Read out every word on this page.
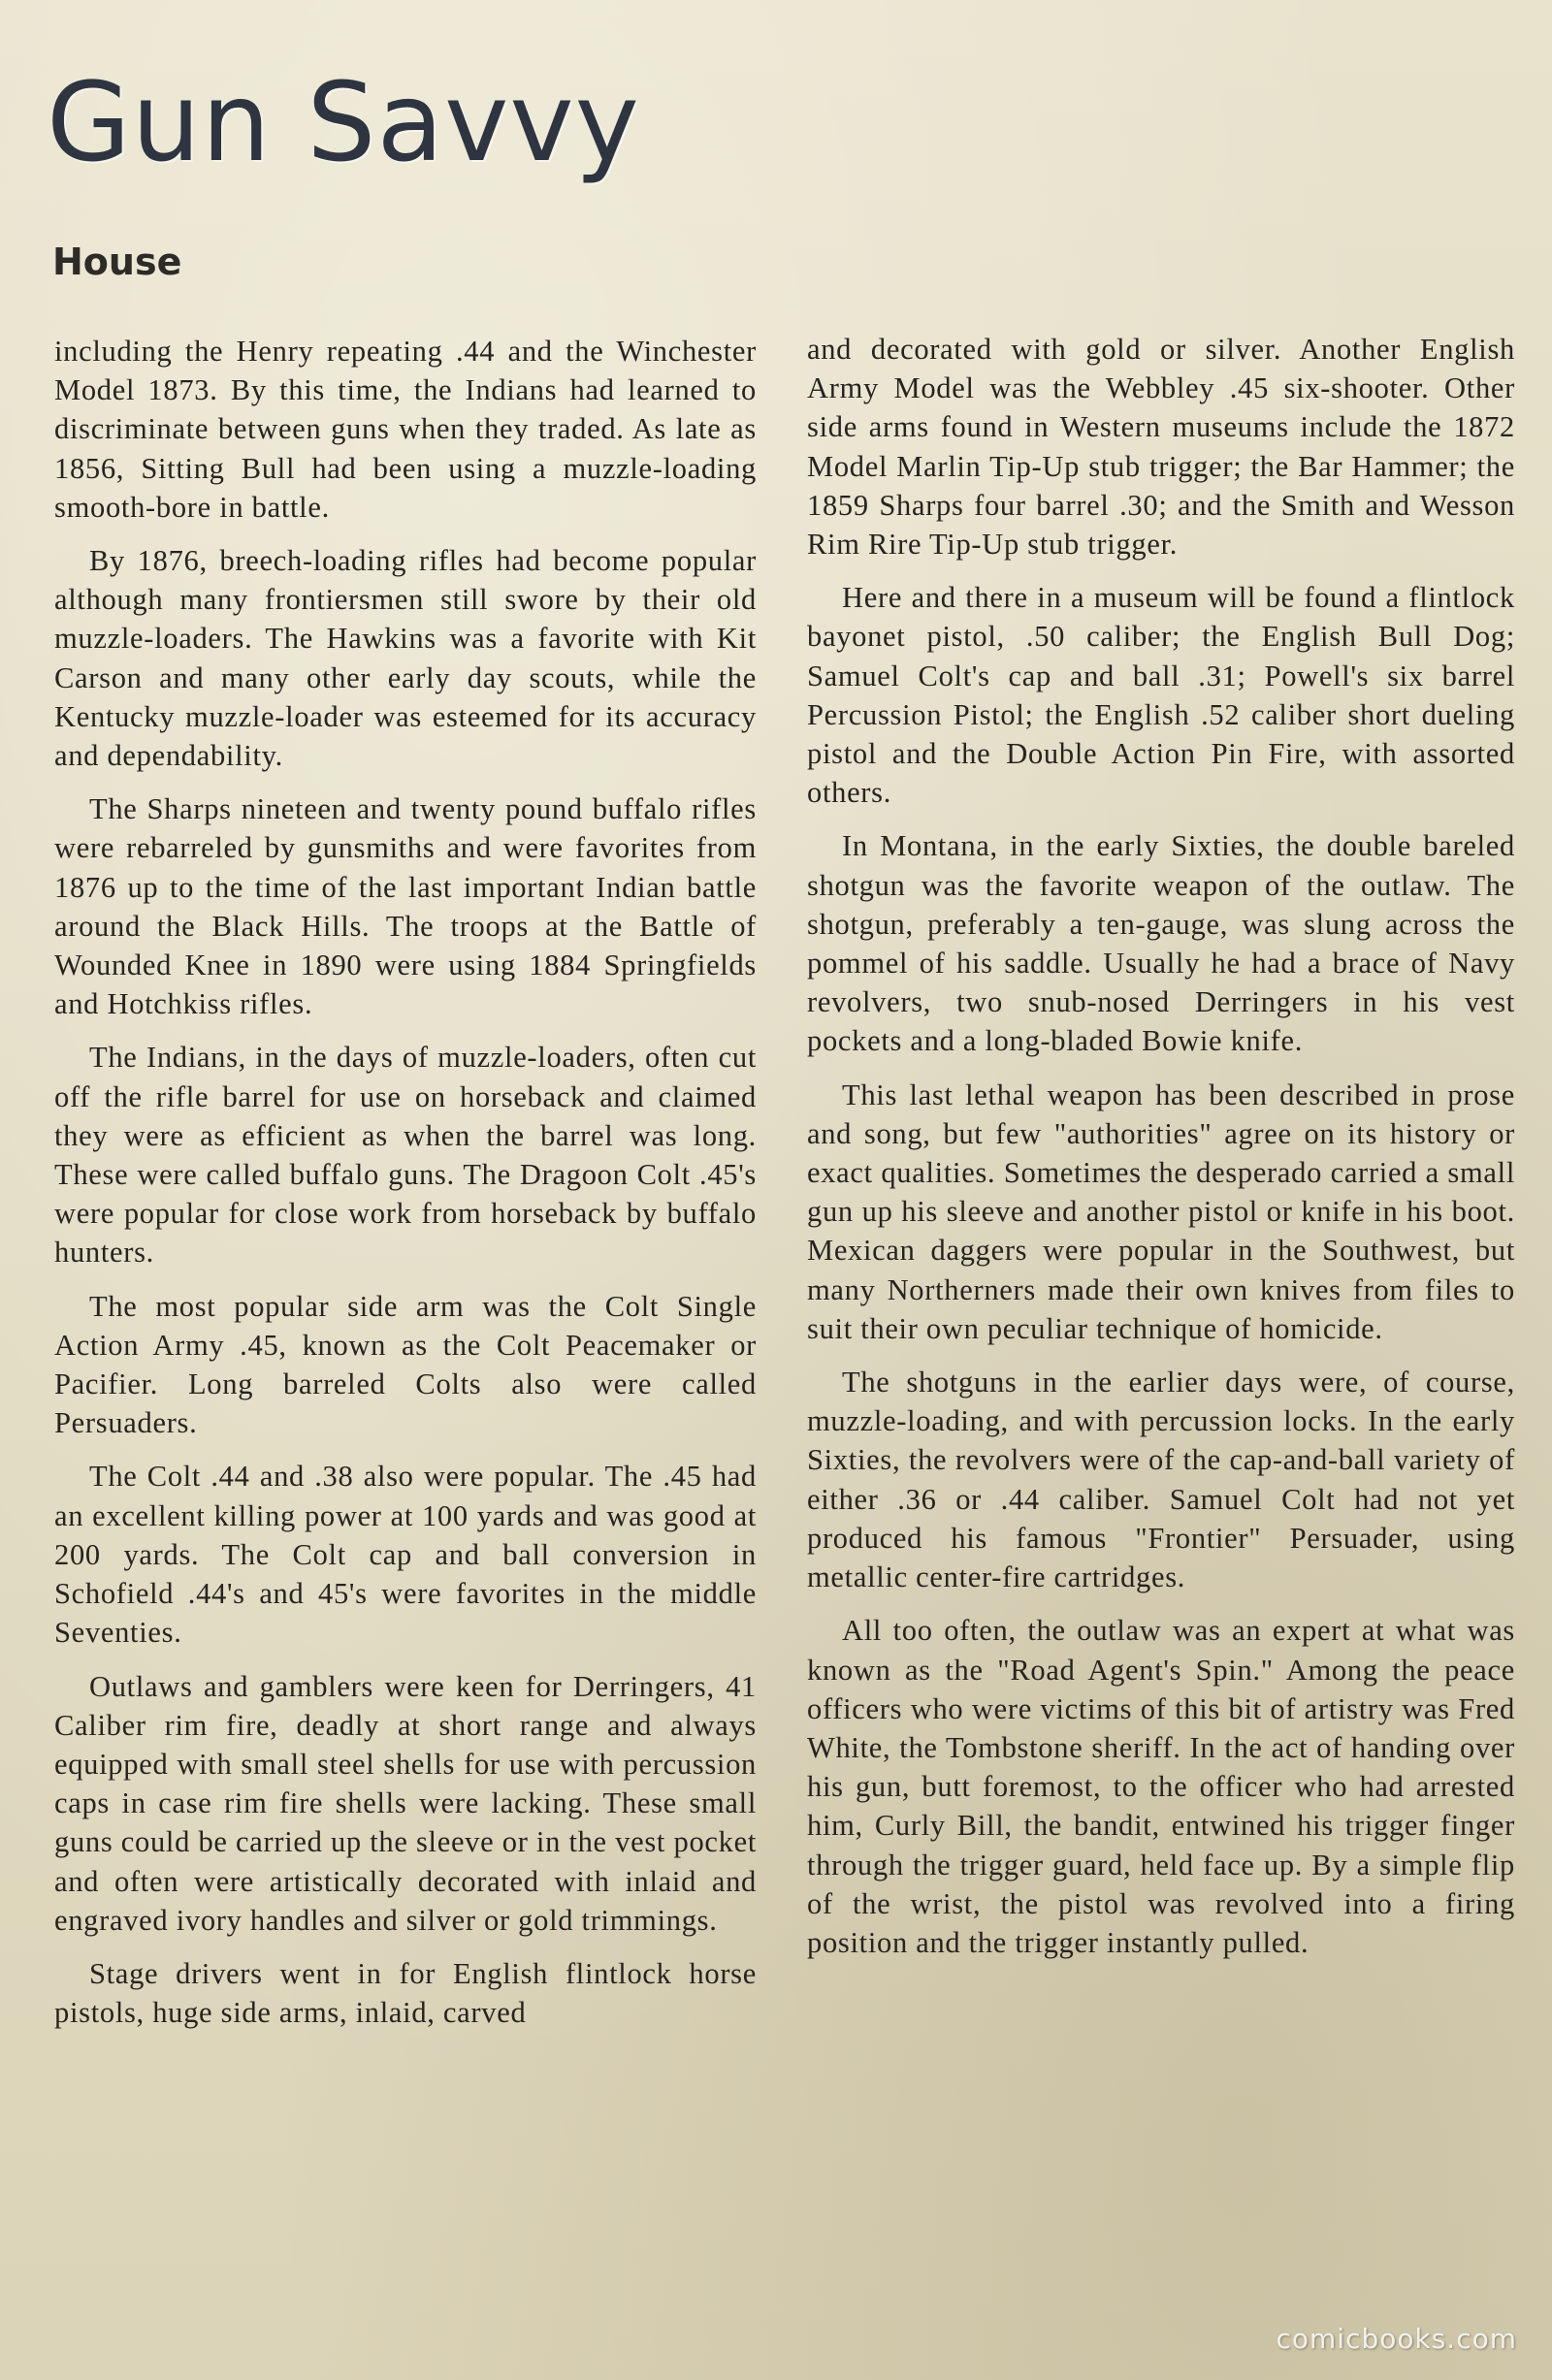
Gun Savvy
House

including the Henry repeating .44 and the Winchester Model 1873. By this time, the Indians had learned to discriminate between guns when they traded. As late as 1856, Sitting Bull had been using a muzzle-loading smooth-bore in battle.

By 1876, breech-loading rifles had become popular although many frontiersmen still swore by their old muzzle-loaders. The Hawkins was a favorite with Kit Carson and many other early day scouts, while the Kentucky muzzle-loader was esteemed for its accuracy and dependability.

The Sharps nineteen and twenty pound buffalo rifles were rebarreled by gunsmiths and were favorites from 1876 up to the time of the last important Indian battle around the Black Hills. The troops at the Battle of Wounded Knee in 1890 were using 1884 Springfields and Hotchkiss rifles.

The Indians, in the days of muzzle-loaders, often cut off the rifle barrel for use on horseback and claimed they were as efficient as when the barrel was long. These were called buffalo guns. The Dragoon Colt .45's were popular for close work from horseback by buffalo hunters.

The most popular side arm was the Colt Single Action Army .45, known as the Colt Peacemaker or Pacifier. Long barreled Colts also were called Persuaders.

The Colt .44 and .38 also were popular. The .45 had an excellent killing power at 100 yards and was good at 200 yards. The Colt cap and ball conversion in Schofield .44's and 45's were favorites in the middle Seventies.

Outlaws and gamblers were keen for Derringers, 41 Caliber rim fire, deadly at short range and always equipped with small steel shells for use with percussion caps in case rim fire shells were lacking. These small guns could be carried up the sleeve or in the vest pocket and often were artistically decorated with inlaid and engraved ivory handles and silver or gold trimmings.

Stage drivers went in for English flintlock horse pistols, huge side arms, inlaid, carved

and decorated with gold or silver. Another English Army Model was the Webbley .45 six-shooter. Other side arms found in Western museums include the 1872 Model Marlin Tip-Up stub trigger; the Bar Hammer; the 1859 Sharps four barrel .30; and the Smith and Wesson Rim Rire Tip-Up stub trigger.

Here and there in a museum will be found a flintlock bayonet pistol, .50 caliber; the English Bull Dog; Samuel Colt's cap and ball .31; Powell's six barrel Percussion Pistol; the English .52 caliber short dueling pistol and the Double Action Pin Fire, with assorted others.

In Montana, in the early Sixties, the double bareled shotgun was the favorite weapon of the outlaw. The shotgun, preferably a ten-gauge, was slung across the pommel of his saddle. Usually he had a brace of Navy revolvers, two snub-nosed Derringers in his vest pockets and a long-bladed Bowie knife.

This last lethal weapon has been described in prose and song, but few "authorities" agree on its history or exact qualities. Sometimes the desperado carried a small gun up his sleeve and another pistol or knife in his boot. Mexican daggers were popular in the Southwest, but many Northerners made their own knives from files to suit their own peculiar technique of homicide.

The shotguns in the earlier days were, of course, muzzle-loading, and with percussion locks. In the early Sixties, the revolvers were of the cap-and-ball variety of either .36 or .44 caliber. Samuel Colt had not yet produced his famous "Frontier" Persuader, using metallic center-fire cartridges.

All too often, the outlaw was an expert at what was known as the "Road Agent's Spin." Among the peace officers who were victims of this bit of artistry was Fred White, the Tombstone sheriff. In the act of handing over his gun, butt foremost, to the officer who had arrested him, Curly Bill, the bandit, entwined his trigger finger through the trigger guard, held face up. By a simple flip of the wrist, the pistol was revolved into a firing position and the trigger instantly pulled.

comicbooks.com
